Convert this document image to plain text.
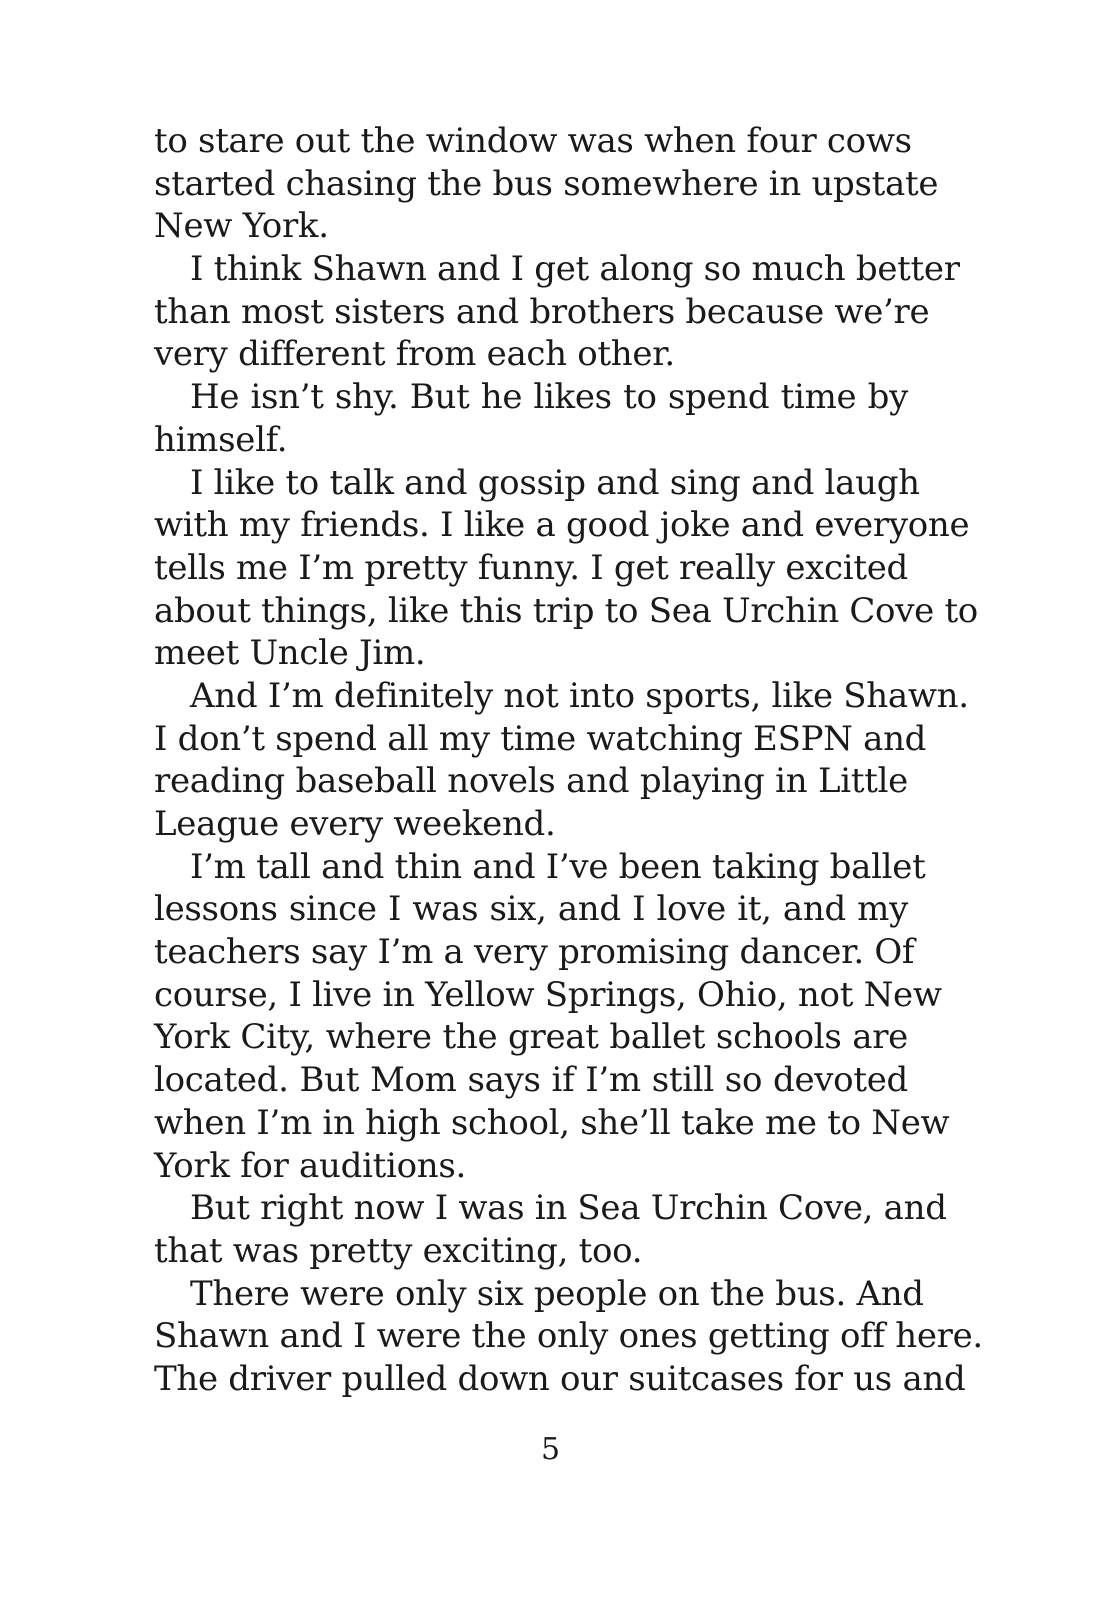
to stare out the window was when four cows
started chasing the bus somewhere in upstate
New York.
I think Shawn and I get along so much better
than most sisters and brothers because we’re
very different from each other.
He isn’t shy. But he likes to spend time by
himself.
I like to talk and gossip and sing and laugh
with my friends. I like a good joke and everyone
tells me I’m pretty funny. I get really excited
about things, like this trip to Sea Urchin Cove to
meet Uncle Jim.
And I’m definitely not into sports, like Shawn.
I don’t spend all my time watching ESPN and
reading baseball novels and playing in Little
League every weekend.
I’m tall and thin and I’ve been taking ballet
lessons since I was six, and I love it, and my
teachers say I’m a very promising dancer. Of
course, I live in Yellow Springs, Ohio, not New
York City, where the great ballet schools are
located. But Mom says if I’m still so devoted
when I’m in high school, she’ll take me to New
York for auditions.
But right now I was in Sea Urchin Cove, and
that was pretty exciting, too.
There were only six people on the bus. And
Shawn and I were the only ones getting off here.
The driver pulled down our suitcases for us and
5
